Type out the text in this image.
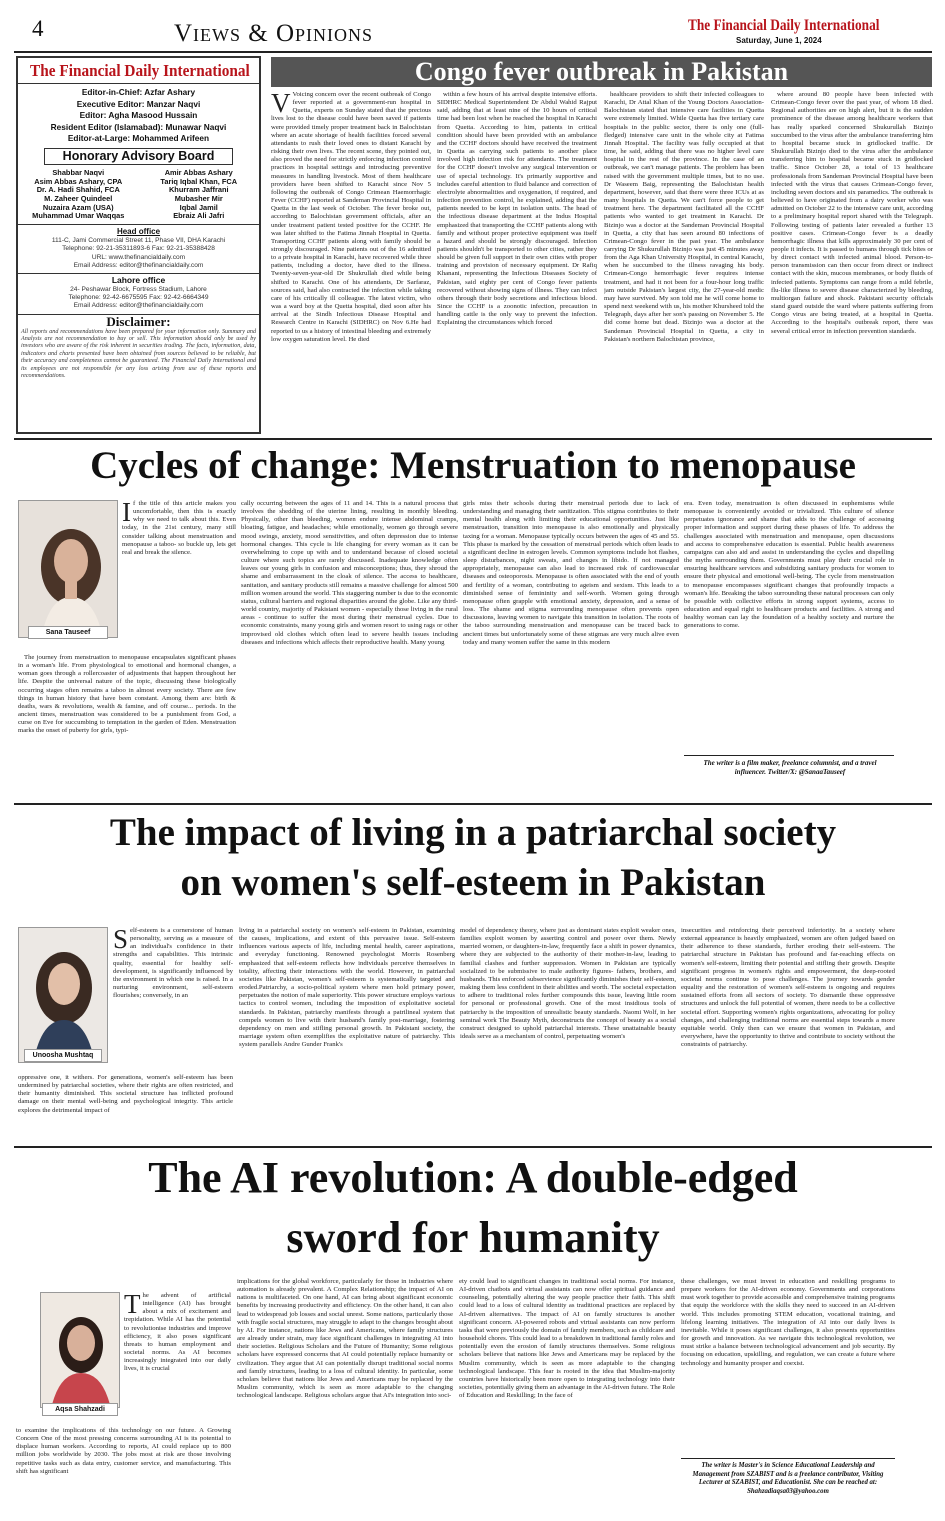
4	Views & Opinions	The Financial Daily International
Saturday, June 1, 2024
The Financial Daily International
Editor-in-Chief: Azfar Ashary
Executive Editor: Manzar Naqvi
Editor: Agha Masood Hussain
Resident Editor (Islamabad): Munawar Naqvi
Editor-at-Large: Mohammed Arifeen
Honorary Advisory Board
Shabbar Naqvi
Asim Abbas Ashary, CPA
Dr. A. Hadi Shahid, FCA
M. Zaheer Quindeel
Nuzaira Azam (USA)
Muhammad Umar Waqqas
Amir Abbas Ashary
Tariq Iqbal Khan, FCA
Khurram Jaffrani
Mubasher Mir
Iqbal Jamil
Ebraiz Ali Jafri
Head office
111-C, Jami Commercial Street 11, Phase VII, DHA Karachi
Telephone: 92-21-35311893-6 Fax: 92-21-35388428
URL: www.thefinancialdaily.com
Email Address: editor@thefinancialdaily.com
Lahore office
24- Peshawar Block, Fortress Stadium, Lahore
Telephone: 92-42-6675595 Fax: 92-42-6664349
Email Address: editor@thefinancialdaily.com
Disclaimer:
All reports and recommendations have been prepared for your information only. Summary and Analysis are not recommendation to buy or sell. This information should only be used by investors who are aware of the risk inherent in securities trading. The facts, information, data, indicators and charts presented have been obtained from sources believed to be reliable, but their accuracy and completeness cannot be guaranteed. The Financial Daily International and its employees are not responsible for any loss arising from use of these reports and recommendations.
Congo fever outbreak in Pakistan

V Voicing concern over the recent outbreak of Congo fever reported at a government-run hospital in Quetta, experts on Sunday stated that the precious lives lost to the disease could have been saved if patients were provided timely proper treatment back in Balochistan where an acute shortage of health facilities forced several attendants to rush their loved ones to distant Karachi by risking their own lives. The recent scene, they pointed out, also proved the need for strictly enforcing infection control practices in hospital settings and introducing preventive measures in handling livestock. Most of them healthcare providers have been shifted to Karachi since Nov 5 following the outbreak of Congo Crimean Haemorrhagic Fever (CCHF) reported at Sandeman Provincial Hospital in Quetta in the last week of October. The fever broke out, according to Balochistan government officials, after an under treatment patient tested positive for the CCHF. He was later shifted to the Fatima Jinnah Hospital in Quetta. Transporting CCHF patients along with family should be strongly discouraged. Nine patients out of the 16 admitted to a private hospital in Karachi, have recovered while three patients, including a doctor, have died to the illness. Twenty-seven-year-old Dr Shukrullah died while being shifted to Karachi. One of his attendants, Dr Sarfaraz, sources said, had also contracted the infection while taking care of his critically ill colleague. The latest victim, who was a ward boy at the Quetta hospital, died soon after his arrival at the Sindh Infectious Disease Hospital and Research Centre in Karachi (SIDHRC) on Nov 6.He had reported to us a history of intestinal bleeding and extremely low oxygen saturation level. He died

within a few hours of his arrival despite intensive efforts. SIDHRC Medical Superintendent Dr Abdul Wahid Rajput said, adding that at least nine of the 10 hours of critical time had been lost when he reached the hospital in Karachi from Quetta. According to him, patients in critical condition should have been provided with an ambulance and the CCHF doctors should have received the treatment in Quetta as carrying such patients to another place involved high infection risk for attendants. The treatment for the CCHF doesn't involve any surgical intervention or use of special technology. It's primarily supportive and includes careful attention to fluid balance and correction of electrolyte abnormalities and oxygenation, if required, and infection prevention control, he explained, adding that the patients needed to be kept in isolation units. The head of the infectious disease department at the Indus Hospital emphasized that transporting the CCHF patients along with family and without proper protective equipment was itself a hazard and should be strongly discouraged. Infection patients shouldn't be transported to other cities, rather they should be given full support in their own cities with proper training and provision of necessary equipment. Dr Rafiq Khanani, representing the Infectious Diseases Society of Pakistan, said eighty per cent of Congo fever patients recovered without showing signs of illness. They can infect others through their body secretions and infectious blood. Since the CCHF is a zoonotic infection, precaution in handling cattle is the only way to prevent the infection. Explaining the circumstances which forced

healthcare providers to shift their infected colleagues to Karachi, Dr Attal Khan of the Young Doctors Association-Balochistan stated that intensive care facilities in Quetta were extremely limited. While Quetta has five tertiary care hospitals in the public sector, there is only one (full-fledged) intensive care unit in the whole city at Fatima Jinnah Hospital. The facility was fully occupied at that time, he said, adding that there was no higher level care hospital in the rest of the province. In the case of an outbreak, we can't manage patients. The problem has been raised with the government multiple times, but to no use. Dr Waseem Baig, representing the Balochistan health department, however, said that there were three ICUs at as many hospitals in Quetta. We can't force people to get treatment here. The department facilitated all the CCHF patients who wanted to get treatment in Karachi. Dr Bizinjo was a doctor at the Sandeman Provincial Hospital in Quetta, a city that has seen around 80 infections of Crimean-Congo fever in the past year. The ambulance carrying Dr Shukurullah Bizinjo was just 45 minutes away from the Aga Khan University Hospital, in central Karachi, when he succumbed to the illness ravaging his body. Crimean-Congo hemorrhagic fever requires intense treatment, and had it not been for a four-hour long traffic jam outside Pakistan's largest city, the 27-year-old medic may have survived. My son told me he will come home to spend next weekend with us, his mother Khursheed told the Telegraph, days after her son's passing on November 5. He did come home but dead. Bizinjo was a doctor at the Sandeman Provincial Hospital in Quetta, a city in Pakistan's northern Balochistan province,

where around 80 people have been infected with Crimean-Congo fever over the past year, of whom 18 died. Regional authorities are on high alert, but it is the sudden prominence of the disease among healthcare workers that has really sparked concerned Shukurullah Bizinjo succumbed to the virus after the ambulance transferring him to hospital became stuck in gridlocked traffic. Dr Shukurullah Bizinjo died to the virus after the ambulance transferring him to hospital became stuck in gridlocked traffic. Since October 28, a total of 13 healthcare professionals from Sandeman Provincial Hospital have been infected with the virus that causes Crimean-Congo fever, including seven doctors and six paramedics. The outbreak is believed to have originated from a dairy worker who was admitted on October 22 to the intensive care unit, according to a preliminary hospital report shared with the Telegraph. Following testing of patients later revealed a further 13 positive cases. Crimean-Congo fever is a deadly hemorrhagic illness that kills approximately 30 per cent of people it infects. It is passed to humans through tick bites or by direct contact with infected animal blood. Person-to-person transmission can then occur from direct or indirect contact with the skin, mucous membranes, or body fluids of infected patients. Symptoms can range from a mild febrile, flu-like illness to severe disease characterized by bleeding, multiorgan failure and shock. Pakistani security officials stand guard outside the ward where patients suffering from Congo virus are being treated, at a hospital in Quetta. According to the hospital's outbreak report, there was several critical error in infection prevention standards.

Cycles of change: Menstruation to menopause
Sana Tauseef

If the title of this article makes you uncomfortable, then this is exactly why we need to talk about this. Even today, in the 21st century, many still consider talking about menstruation and menopause a taboo- so buckle up, lets get real and break the silence.

The journey from menstruation to menopause encapsulates significant phases in a woman's life. From physiological to emotional and hormonal changes, a woman goes through a rollercoaster of adjustments that happen throughout her life. Despite the universal nature of the topic, discussing these biologically occurring stages often remains a taboo in almost every society. There are few things in human history that have been constant. Among them are: birth & deaths, wars & revolutions, wealth & famine, and off course... periods. In the ancient times, menstruation was considered to be a punishment from God, a curse on Eve for succumbing to temptation in the garden of Eden. Menstruation marks the onset of puberty for girls, typi-

cally occurring between the ages of 11 and 14. This is a natural process that involves the shedding of the uterine lining, resulting in monthly bleeding. Physically, other than bleeding, women endure intense abdominal cramps, bloating, fatigue, and headaches; while emotionally, women go through severe mood swings, anxiety, mood sensitivities, and often depression due to intense hormonal changes. This cycle is life changing for every woman as it can be overwhelming to cope up with and to understand because of closed societal culture where such topics are rarely discussed. Inadequate knowledge often leaves our young girls in confusion and misconceptions; thus, they shroud the shame and embarrassment in the cloak of silence. The access to healthcare, sanitation, and sanitary products still remains a massive challenge for almost 500 million women around the world. This staggering number is due to the economic status, cultural barriers and regional disparities around the globe. Like any third-world country, majority of Pakistani women - especially those living in the rural areas - continue to suffer the most during their menstrual cycles. Due to economic constraints, many young girls and women resort to using rags or other improvised old clothes which often lead to severe health issues including diseases and infections which affects their reproductive health. Many young

girls miss their schools during their menstrual periods due to lack of understanding and managing their sanitization. This stigma contributes to their mental health along with limiting their educational opportunities. Just like menstruation, transition into menopause is also emotionally and physically taxing for a woman. Menopause typically occurs between the ages of 45 and 55. This phase is marked by the cessation of menstrual periods which often leads to a significant decline in estrogen levels. Common symptoms include hot flashes, sleep disturbances, night sweats, and changes in libido. If not managed appropriately, menopause can also lead to increased risk of cardiovascular diseases and osteoporosis. Menopause is often associated with the end of youth and fertility of a woman, contributing to ageism and sexism. This leads to a diminished sense of femininity and self-worth. Women going through menopause often grapple with emotional anxiety, depression, and a sense of loss. The shame and stigma surrounding menopause often prevents open discussions, leaving women to navigate this transition in isolation. The roots of the taboo surrounding menstruation and menopause can be traced back to ancient times but unfortunately some of these stigmas are very much alive even today and many women suffer the same in this modern

era. Even today, menstruation is often discussed in euphemisms while menopause is conveniently avoided or trivialized. This culture of silence perpetuates ignorance and shame that adds to the challenge of accessing proper information and support during these phases of life. To address the challenges associated with menstruation and menopause, open discussions and access to comprehensive education is essential. Public health awareness campaigns can also aid and assist in understanding the cycles and dispelling the myths surrounding them. Governments must play their crucial role in ensuring healthcare services and subsidizing sanitary products for women to ensure their physical and emotional well-being. The cycle from menstruation to menopause encompasses significant changes that profoundly impacts a woman's life. Breaking the taboo surrounding these natural processes can only be possible with collective efforts in strong support systems, access to education and equal right to healthcare products and facilities. A strong and healthy woman can lay the foundation of a healthy society and nurture the generations to come.

The writer is a film maker, freelance columnist, and a travel influencer. Twitter/X: @SanaaTauseef
The impact of living in a patriarchal society
on women's self-esteem in Pakistan
Unoosha Mushtaq

Self-esteem is a cornerstone of human personality, serving as a measure of an individual's confidence in their strengths and capabilities. This intrinsic quality, essential for healthy self-development, is significantly influenced by the environment in which one is raised. In a nurturing environment, self-esteem flourishes; conversely, in an

oppressive one, it withers. For generations, women's self-esteem has been undermined by patriarchal societies, where their rights are often restricted, and their humanity diminished. This societal structure has inflicted profound damage on their mental well-being and psychological integrity. This article explores the detrimental impact of

living in a patriarchal society on women's self-esteem in Pakistan, examining the causes, implications, and extent of this pervasive issue. Self-esteem influences various aspects of life, including mental health, career aspirations, and everyday functioning. Renowned psychologist Morris Rosenberg emphasized that self-esteem reflects how individuals perceive themselves in totality, affecting their interactions with the world. However, in patriarchal societies like Pakistan, women's self-esteem is systematically targeted and eroded.Patriarchy, a socio-political system where men hold primary power, perpetuates the notion of male superiority. This power structure employs various tactics to control women, including the imposition of exploitative societal standards. In Pakistan, patriarchy manifests through a patrilineal system that compels women to live with their husband's family post-marriage, fostering dependency on men and stifling personal growth. In Pakistani society, the marriage system often exemplifies the exploitative nature of patriarchy. This system parallels Andre Gunder Frank's

model of dependency theory, where just as dominant states exploit weaker ones, families exploit women by asserting control and power over them. Newly married women, or daughters-in-law, frequently face a shift in power dynamics, where they are subjected to the authority of their mother-in-law, leading to familial clashes and further suppression. Women in Pakistan are typically socialized to be submissive to male authority figures- fathers, brothers, and husbands. This enforced subservience significantly diminishes their self-esteem, making them less confident in their abilities and worth. The societal expectation to adhere to traditional roles further compounds this issue, leaving little room for personal or professional growth. One of the most insidious tools of patriarchy is the imposition of unrealistic beauty standards. Naomi Wolf, in her seminal work The Beauty Myth, deconstructs the concept of beauty as a social construct designed to uphold patriarchal interests. These unattainable beauty ideals serve as a mechanism of control, perpetuating women's

insecurities and reinforcing their perceived inferiority. In a society where external appearance is heavily emphasized, women are often judged based on their adherence to these standards, further eroding their self-esteem. The patriarchal structure in Pakistan has profound and far-reaching effects on women's self-esteem, limiting their potential and stifling their growth. Despite significant progress in women's rights and empowerment, the deep-rooted societal norms continue to pose challenges. The journey towards gender equality and the restoration of women's self-esteem is ongoing and requires sustained efforts from all sectors of society. To dismantle these oppressive structures and unlock the full potential of women, there needs to be a collective societal effort. Supporting women's rights organizations, advocating for policy changes, and challenging traditional norms are essential steps towards a more equitable world. Only then can we ensure that women in Pakistan, and everywhere, have the opportunity to thrive and contribute to society without the constraints of patriarchy.

The AI revolution: A double-edged
sword for humanity
Aqsa Shahzadi

The advent of artificial intelligence (AI) has brought about a mix of excitement and trepidation. While AI has the potential to revolutionise industries and improve efficiency, it also poses significant threats to human employment and societal norms. As AI becomes increasingly integrated into our daily lives, it is crucial

to examine the implications of this technology on our future. A Growing Concern One of the most pressing concerns surrounding AI is its potential to displace human workers. According to reports, AI could replace up to 800 million jobs worldwide by 2030. The jobs most at risk are those involving repetitive tasks such as data entry, customer service, and manufacturing. This shift has significant

implications for the global workforce, particularly for those in industries where automation is already prevalent. A Complex Relationship; the impact of AI on nations is multifaceted. On one hand, AI can bring about significant economic benefits by increasing productivity and efficiency. On the other hand, it can also lead to widespread job losses and social unrest. Some nations, particularly those with fragile social structures, may struggle to adapt to the changes brought about by AI. For instance, nations like Jews and Americans, where family structures are already under strain, may face significant challenges in integrating AI into their societies. Religious Scholars and the Future of Humanity; Some religious scholars have expressed concerns that AI could potentially replace humanity or civilization. They argue that AI can potentially disrupt traditional social norms and family structures, leading to a loss of cultural identity. In particular, some scholars believe that nations like Jews and Americans may be replaced by the Muslim community, which is seen as more adaptable to the changing technological landscape. Religious scholars argue that AI's integration into soci-

ety could lead to significant changes in traditional social norms. For instance, AI-driven chatbots and virtual assistants can now offer spiritual guidance and counseling, potentially altering the way people practice their faith. This shift could lead to a loss of cultural identity as traditional practices are replaced by AI-driven alternatives. The impact of AI on family structures is another significant concern. AI-powered robots and virtual assistants can now perform tasks that were previously the domain of family members, such as childcare and household chores. This could lead to a breakdown in traditional family roles and potentially even the erosion of family structures themselves. Some religious scholars believe that nations like Jews and Americans may be replaced by the Muslim community, which is seen as more adaptable to the changing technological landscape. This fear is rooted in the idea that Muslim-majority countries have historically been more open to integrating technology into their societies, potentially giving them an advantage in the AI-driven future. The Role of Education and Reskilling; In the face of

these challenges, we must invest in education and reskilling programs to prepare workers for the AI-driven economy. Governments and corporations must work together to provide accessible and comprehensive training programs that equip the workforce with the skills they need to succeed in an AI-driven world. This includes promoting STEM education, vocational training, and lifelong learning initiatives. The integration of AI into our daily lives is inevitable. While it poses significant challenges, it also presents opportunities for growth and innovation. As we navigate this technological revolution, we must strike a balance between technological advancement and job security. By focusing on education, upskilling, and regulation, we can create a future where technology and humanity prosper and coexist.

The writer is Master's in Science Educational Leadership and Management from SZABIST and is a freelance contributor, Visiting Lecturer at SZABIST, and Educationist. She can be reached at: Shahzadiaqsa03@yahoo.com
